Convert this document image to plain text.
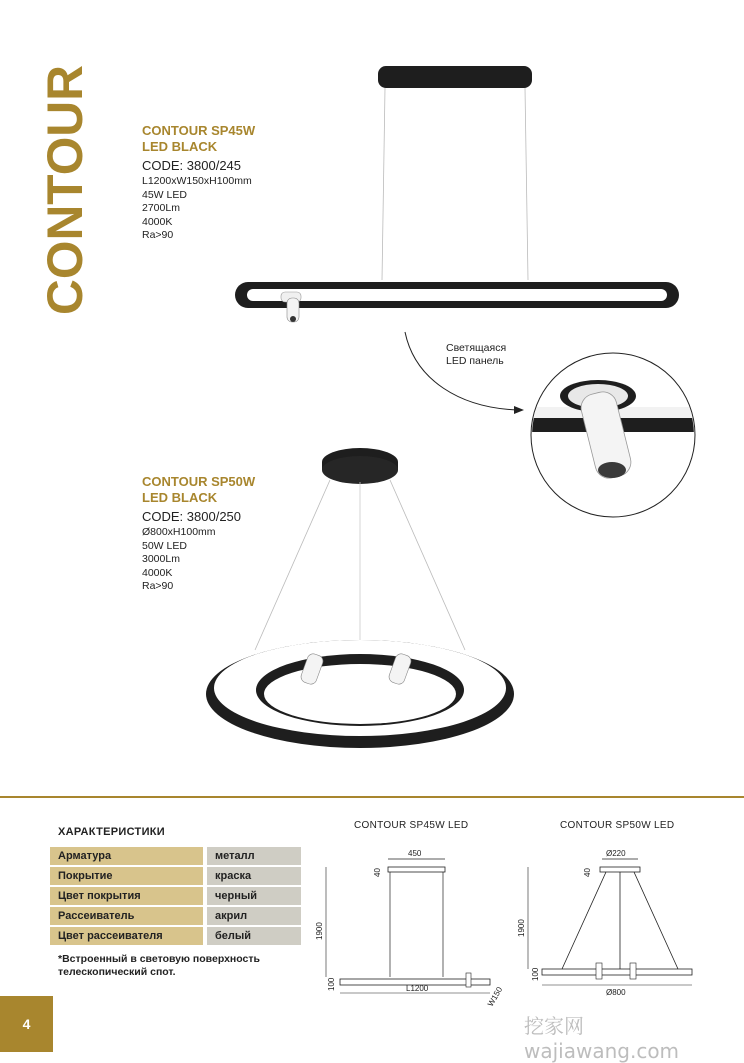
CONTOUR	CONTOUR SP45W
LED BLACK
CODE: 3800/245
L1200xW150xH100mm
45W LED
2700Lm
4000K
Ra>90
Светящаяся
LED панель
CONTOUR SP50W
LED BLACK
CODE: 3800/250
Ø800xH100mm
50W LED
3000Lm
4000K
Ra>90
ХАРАКТЕРИСТИКИ
Арматура	металл
Покрытие	краска
Цвет покрытия	черный
Рассеиватель	акрил
Цвет рассеивателя	белый
*Встроенный в световую поверхность
телескопический спот.
CONTOUR SP45W LED	CONTOUR SP50W LED
450
1900
40
100	L1200	W150
Ø220
1900
40
100
Ø800
4	挖家网 wajiawang.com
